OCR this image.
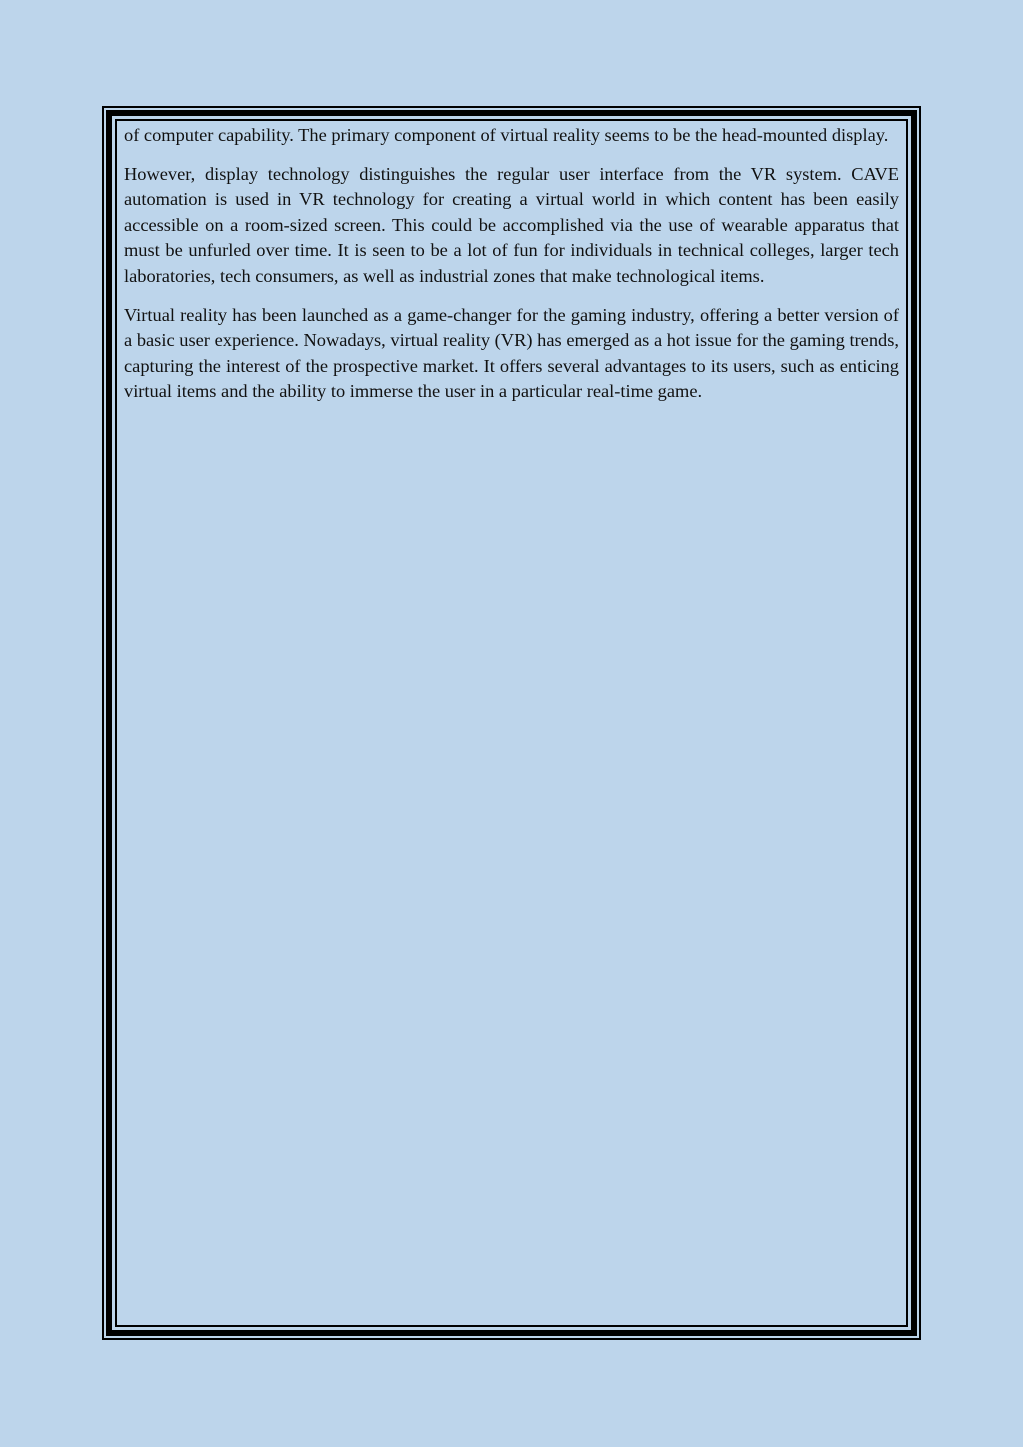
of computer capability. The primary component of virtual reality seems to be the head-mounted display.

However, display technology distinguishes the regular user interface from the VR system. CAVE automation is used in VR technology for creating a virtual world in which content has been easily accessible on a room-sized screen. This could be accomplished via the use of wearable apparatus that must be unfurled over time. It is seen to be a lot of fun for individuals in technical colleges, larger tech laboratories, tech consumers, as well as industrial zones that make technological items.

Virtual reality has been launched as a game-changer for the gaming industry, offering a better version of a basic user experience. Nowadays, virtual reality (VR) has emerged as a hot issue for the gaming trends, capturing the interest of the prospective market. It offers several advantages to its users, such as enticing virtual items and the ability to immerse the user in a particular real-time game.
